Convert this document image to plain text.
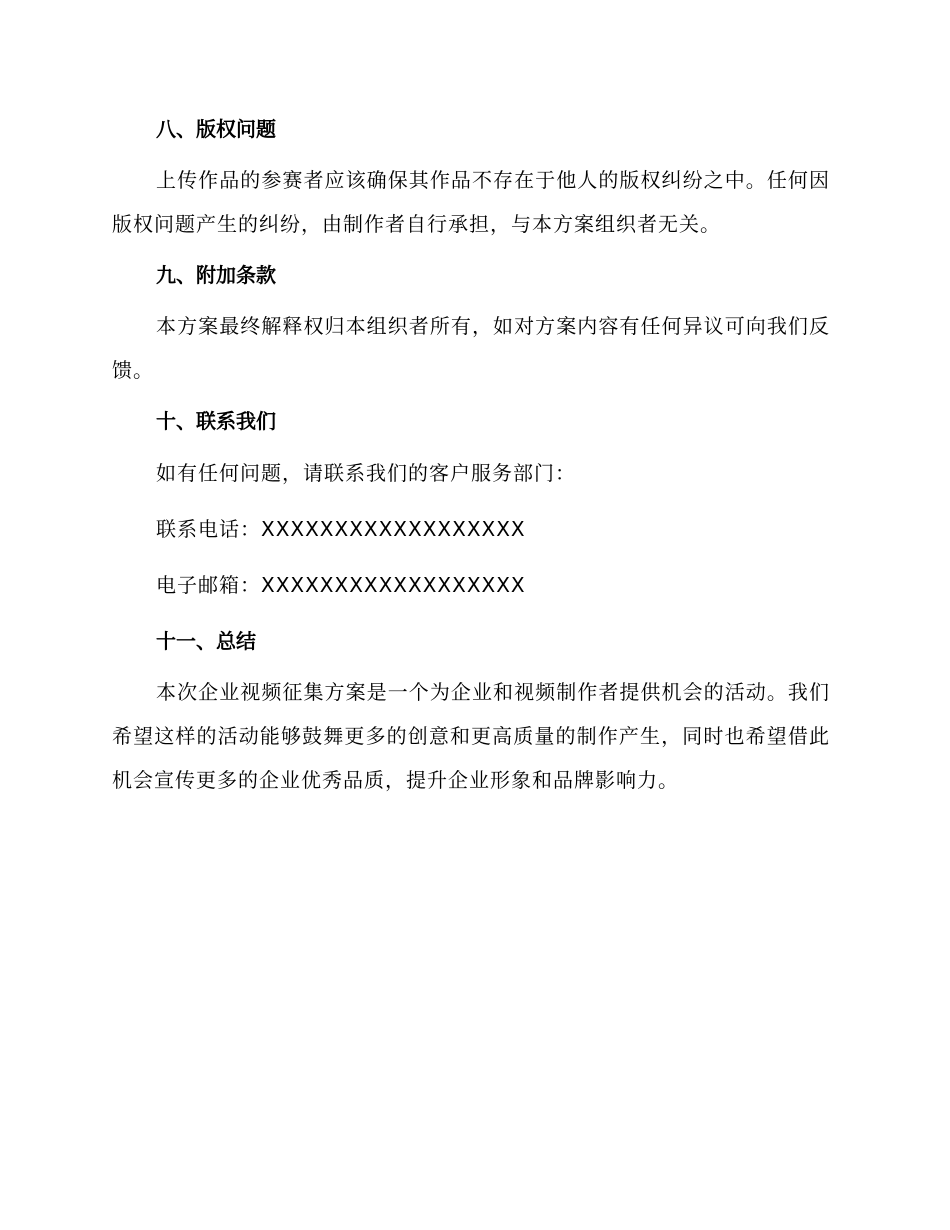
八、版权问题

上传作品的参赛者应该确保其作品不存在于他人的版权纠纷之中。任何因版权问题产生的纠纷，由制作者自行承担，与本方案组织者无关。

九、附加条款

本方案最终解释权归本组织者所有，如对方案内容有任何异议可向我们反馈。

十、联系我们
如有任何问题，请联系我们的客户服务部门：
联系电话：XXXXXXXXXXXXXXXXXX
电子邮箱：XXXXXXXXXXXXXXXXXX
十一、总结

本次企业视频征集方案是一个为企业和视频制作者提供机会的活动。我们希望这样的活动能够鼓舞更多的创意和更高质量的制作产生，同时也希望借此机会宣传更多的企业优秀品质，提升企业形象和品牌影响力。
